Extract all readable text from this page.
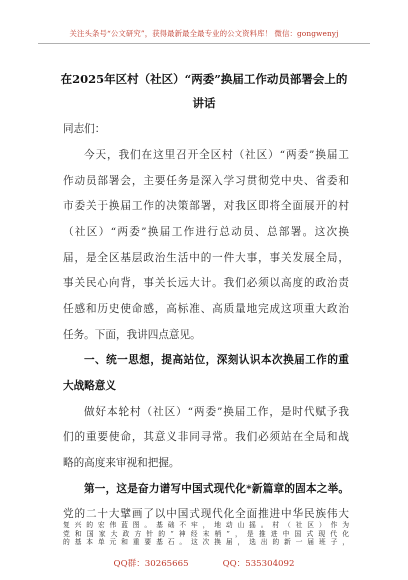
关注头条号“公文研究”，获得最新最全最专业的公文资料库！ 微信：gongwenyj
在2025年区村（社区）“两委”换届工作动员部署会上的
讲话
同志们：
今天，我们在这里召开全区村（社区）“两委”换届工
作动员部署会，主要任务是深入学习贯彻党中央、省委和
市委关于换届工作的决策部署，对我区即将全面展开的村
（社区）“两委”换届工作进行总动员、总部署。这次换
届，是全区基层政治生活中的一件大事，事关发展全局，
事关民心向背，事关长远大计。我们必须以高度的政治责
任感和历史使命感，高标准、高质量地完成这项重大政治
任务。下面，我讲四点意见。
一、统一思想，提高站位，深刻认识本次换届工作的重
大战略意义
做好本轮村（社区）“两委”换届工作，是时代赋予我
们的重要使命，其意义非同寻常。我们必须站在全局和战
略的高度来审视和把握。
第一，这是奋力谱写中国式现代化*新篇章的固本之举。
党的二十大擘画了以中国式现代化全面推进中华民族伟大
QQ群：30265665	QQ：535304092
复兴的宏伟蓝图。基础不牢，地动山摇。村（社区）作为
党和国家大政方针的“神经末梢”，是推进中国式现代化
的基本单元和重要基石。这次换届，选出的新一届班子，
